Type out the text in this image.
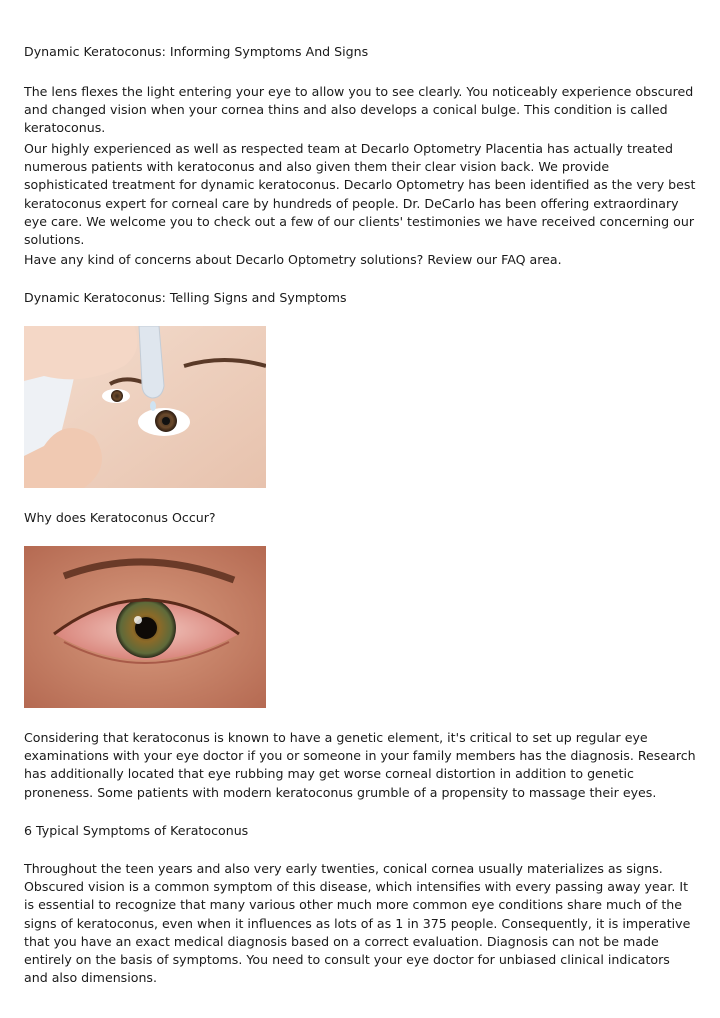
Dynamic Keratoconus: Informing Symptoms And Signs

The lens flexes the light entering your eye to allow you to see clearly. You noticeably experience obscured and changed vision when your cornea thins and also develops a conical bulge. This condition is called keratoconus.

Our highly experienced as well as respected team at Decarlo Optometry Placentia has actually treated numerous patients with keratoconus and also given them their clear vision back. We provide sophisticated treatment for dynamic keratoconus. Decarlo Optometry has been identified as the very best keratoconus expert for corneal care by hundreds of people. Dr. DeCarlo has been offering extraordinary eye care. We welcome you to check out a few of our clients' testimonies we have received concerning our solutions.

Have any kind of concerns about Decarlo Optometry solutions? Review our FAQ area.

Dynamic Keratoconus: Telling Signs and Symptoms

Why does Keratoconus Occur?

Considering that keratoconus is known to have a genetic element, it's critical to set up regular eye examinations with your eye doctor if you or someone in your family members has the diagnosis. Research has additionally located that eye rubbing may get worse corneal distortion in addition to genetic proneness. Some patients with modern keratoconus grumble of a propensity to massage their eyes.

6 Typical Symptoms of Keratoconus

Throughout the teen years and also very early twenties, conical cornea usually materializes as signs. Obscured vision is a common symptom of this disease, which intensifies with every passing away year. It is essential to recognize that many various other much more common eye conditions share much of the signs of keratoconus, even when it influences as lots of as 1 in 375 people. Consequently, it is imperative that you have an exact medical diagnosis based on a correct evaluation. Diagnosis can not be made entirely on the basis of symptoms. You need to consult your eye doctor for unbiased clinical indicators and also dimensions.
